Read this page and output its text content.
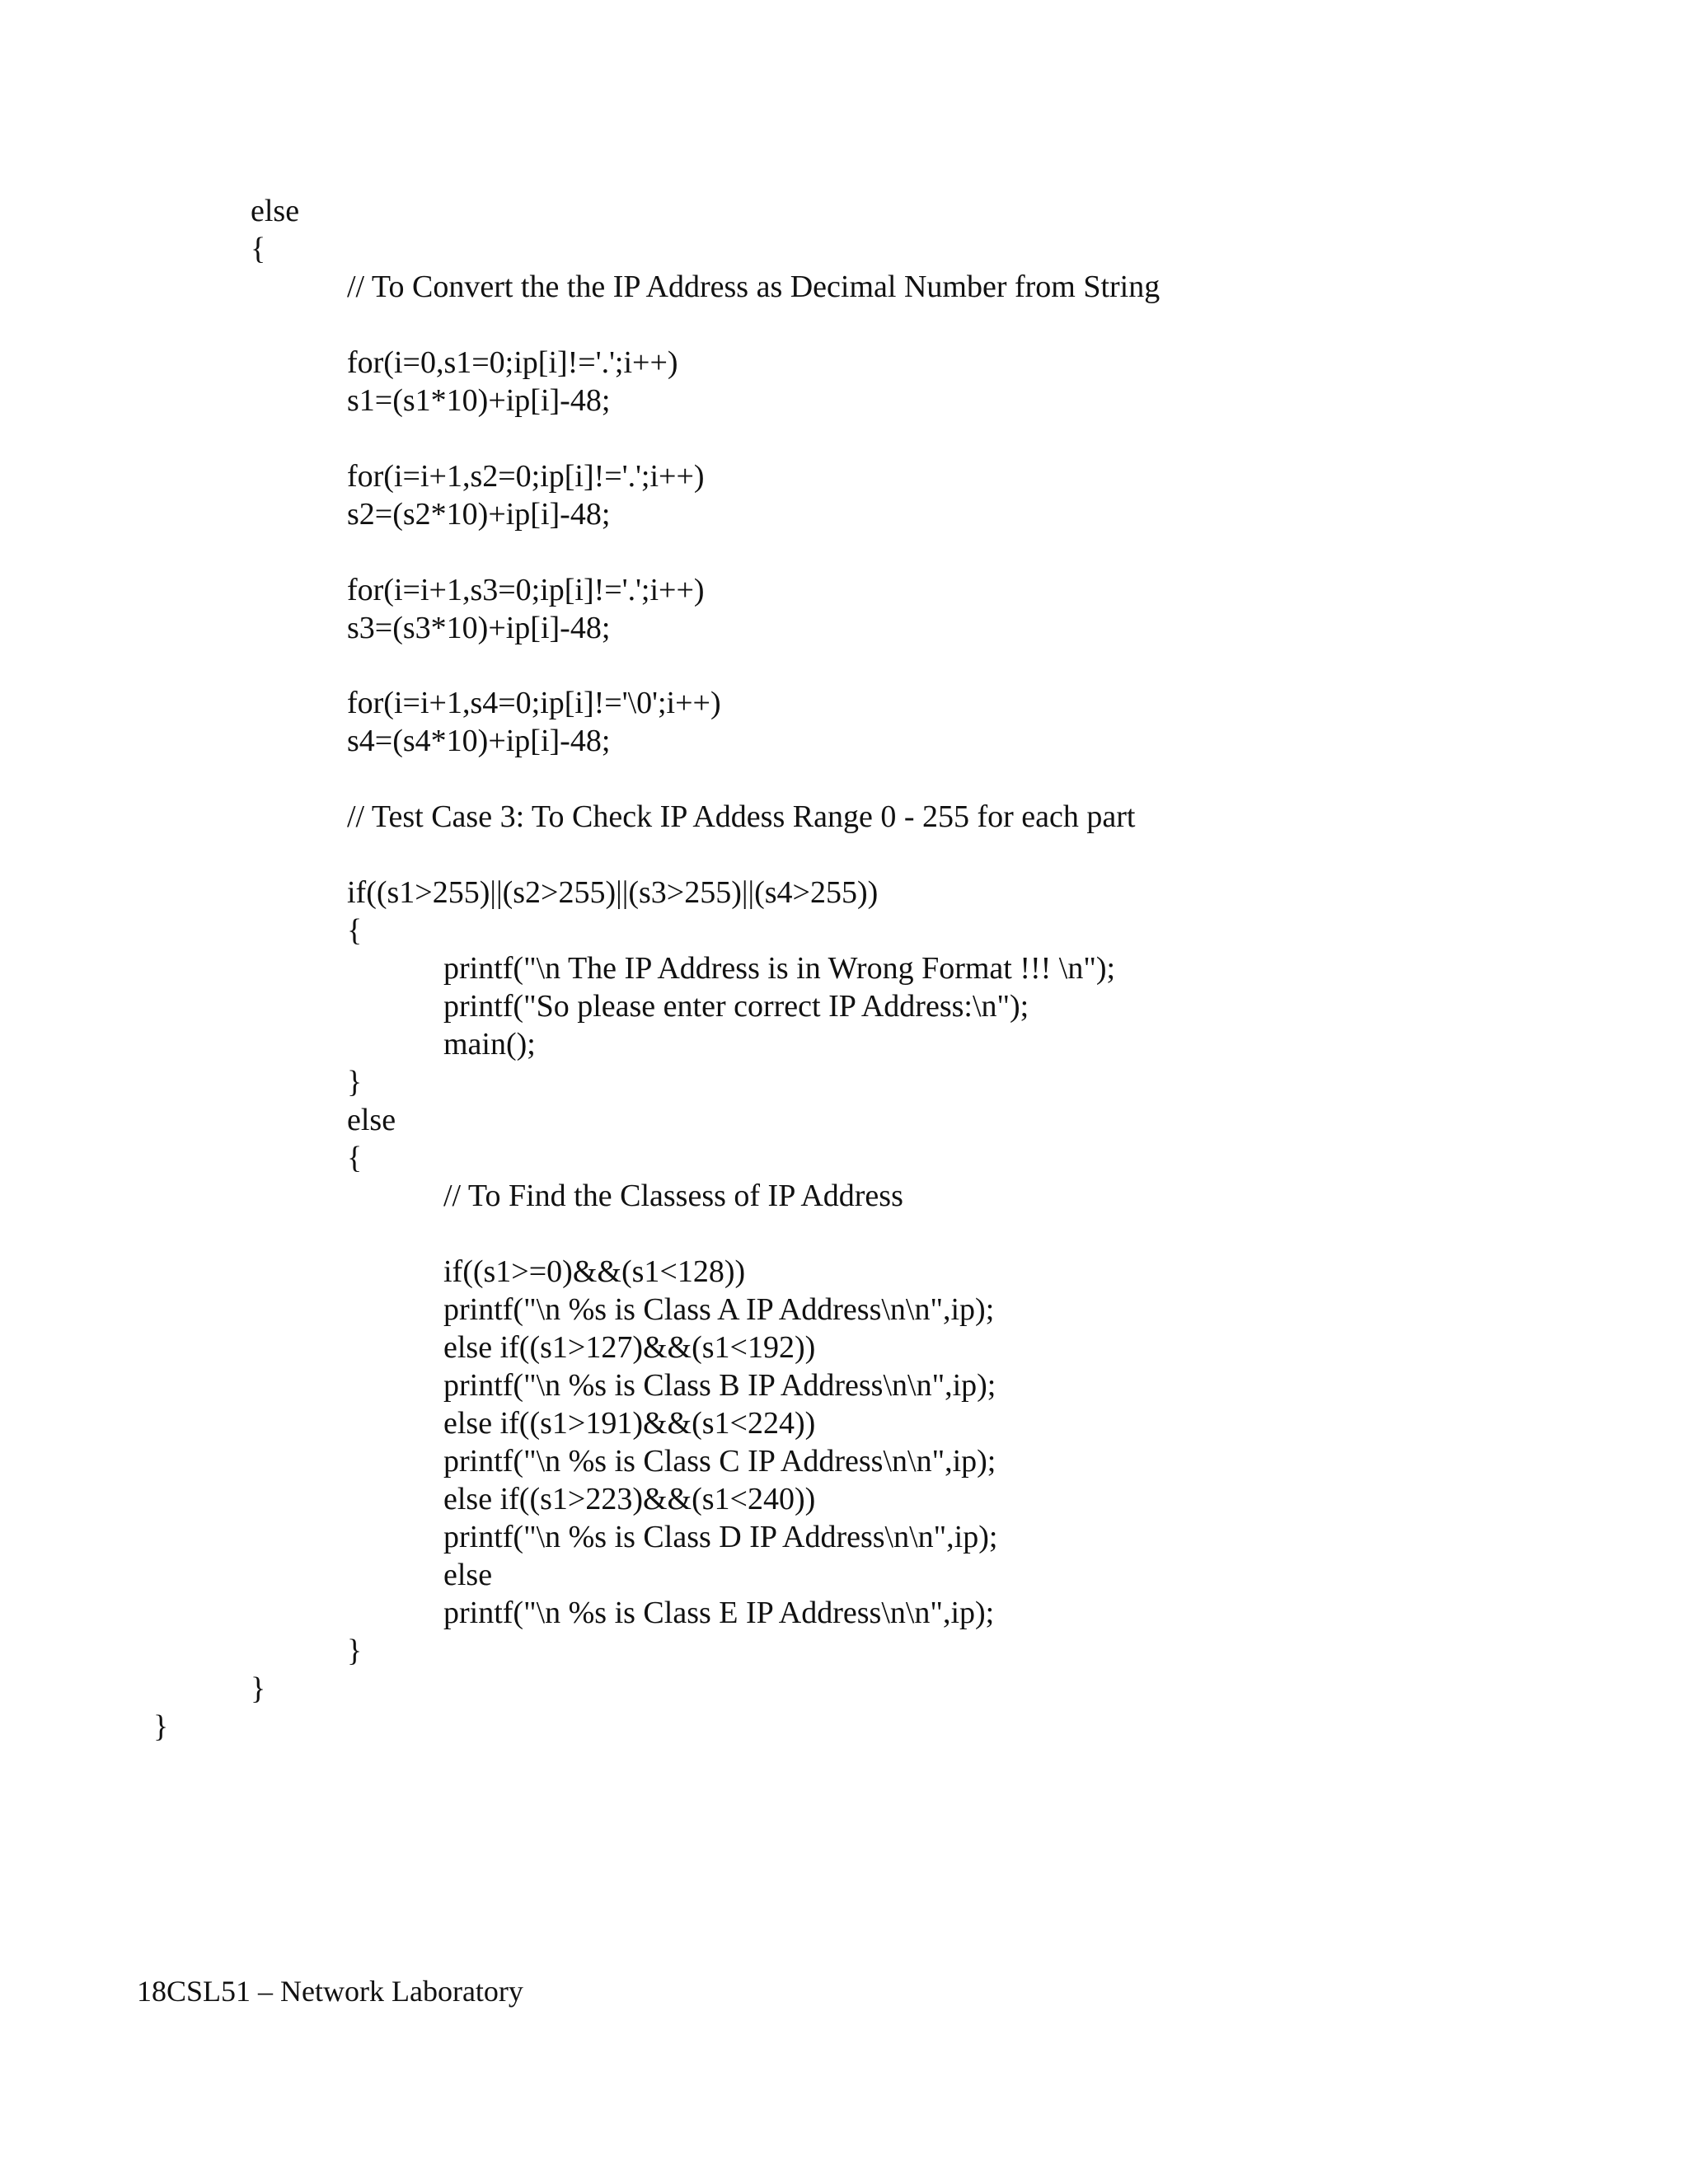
else
{
// To Convert the the IP Address as Decimal Number from String
for(i=0,s1=0;ip[i]!='.';i++)
s1=(s1*10)+ip[i]-48;
for(i=i+1,s2=0;ip[i]!='.';i++)
s2=(s2*10)+ip[i]-48;
for(i=i+1,s3=0;ip[i]!='.';i++)
s3=(s3*10)+ip[i]-48;
for(i=i+1,s4=0;ip[i]!='\0';i++)
s4=(s4*10)+ip[i]-48;
// Test Case 3: To Check IP Addess Range 0 - 255 for each part
if((s1>255)||(s2>255)||(s3>255)||(s4>255))
{
printf("\n The IP Address is in Wrong Format !!! \n");
printf("So please enter correct IP Address:\n");
main();
}
else
{
// To Find the Classess of IP Address
if((s1>=0)&&(s1<128))
printf("\n %s is Class A IP Address\n\n",ip);
else if((s1>127)&&(s1<192))
printf("\n %s is Class B IP Address\n\n",ip);
else if((s1>191)&&(s1<224))
printf("\n %s is Class C IP Address\n\n",ip);
else if((s1>223)&&(s1<240))
printf("\n %s is Class D IP Address\n\n",ip);
else
printf("\n %s is Class E IP Address\n\n",ip);
}
}
}
18CSL51 – Network Laboratory
